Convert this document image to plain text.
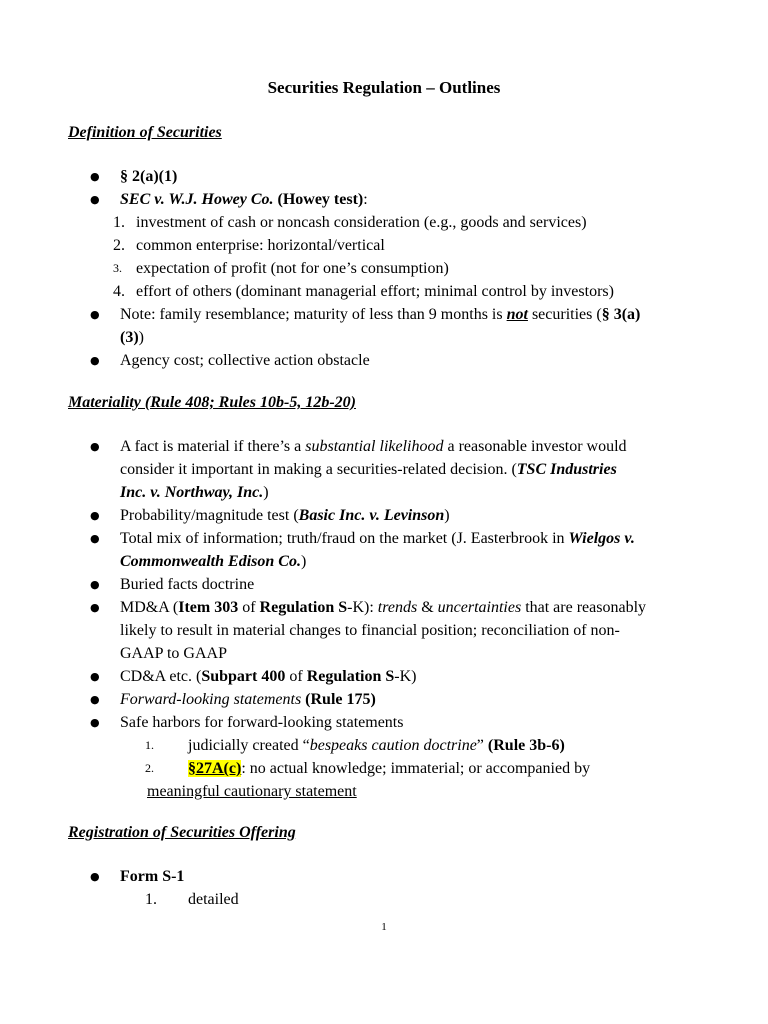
Securities Regulation – Outlines
Definition of Securities
●	§ 2(a)(1)
●	SEC v. W.J. Howey Co. (Howey test):
1. investment of cash or noncash consideration (e.g., goods and services)
2. common enterprise: horizontal/vertical
3. expectation of profit (not for one’s consumption)
4. effort of others (dominant managerial effort; minimal control by investors)
●	Note: family resemblance; maturity of less than 9 months is not securities (§ 3(a)
(3))
●	Agency cost; collective action obstacle
Materiality (Rule 408; Rules 10b-5, 12b-20)
●	A fact is material if there’s a substantial likelihood a reasonable investor would
consider it important in making a securities-related decision. (TSC Industries
Inc. v. Northway, Inc.)
●	Probability/magnitude test (Basic Inc. v. Levinson)
●	Total mix of information; truth/fraud on the market (J. Easterbrook in Wielgos v.
Commonwealth Edison Co.)
●	Buried facts doctrine
●	MD&A (Item 303 of Regulation S-K): trends & uncertainties that are reasonably
likely to result in material changes to financial position; reconciliation of non-
GAAP to GAAP
●	CD&A etc. (Subpart 400 of Regulation S-K)
●	Forward-looking statements (Rule 175)
●	Safe harbors for forward-looking statements
1. judicially created “bespeaks caution doctrine” (Rule 3b-6)
2. §27A(c): no actual knowledge; immaterial; or accompanied by
meaningful cautionary statement
Registration of Securities Offering
●	Form S-1
1. detailed
1
